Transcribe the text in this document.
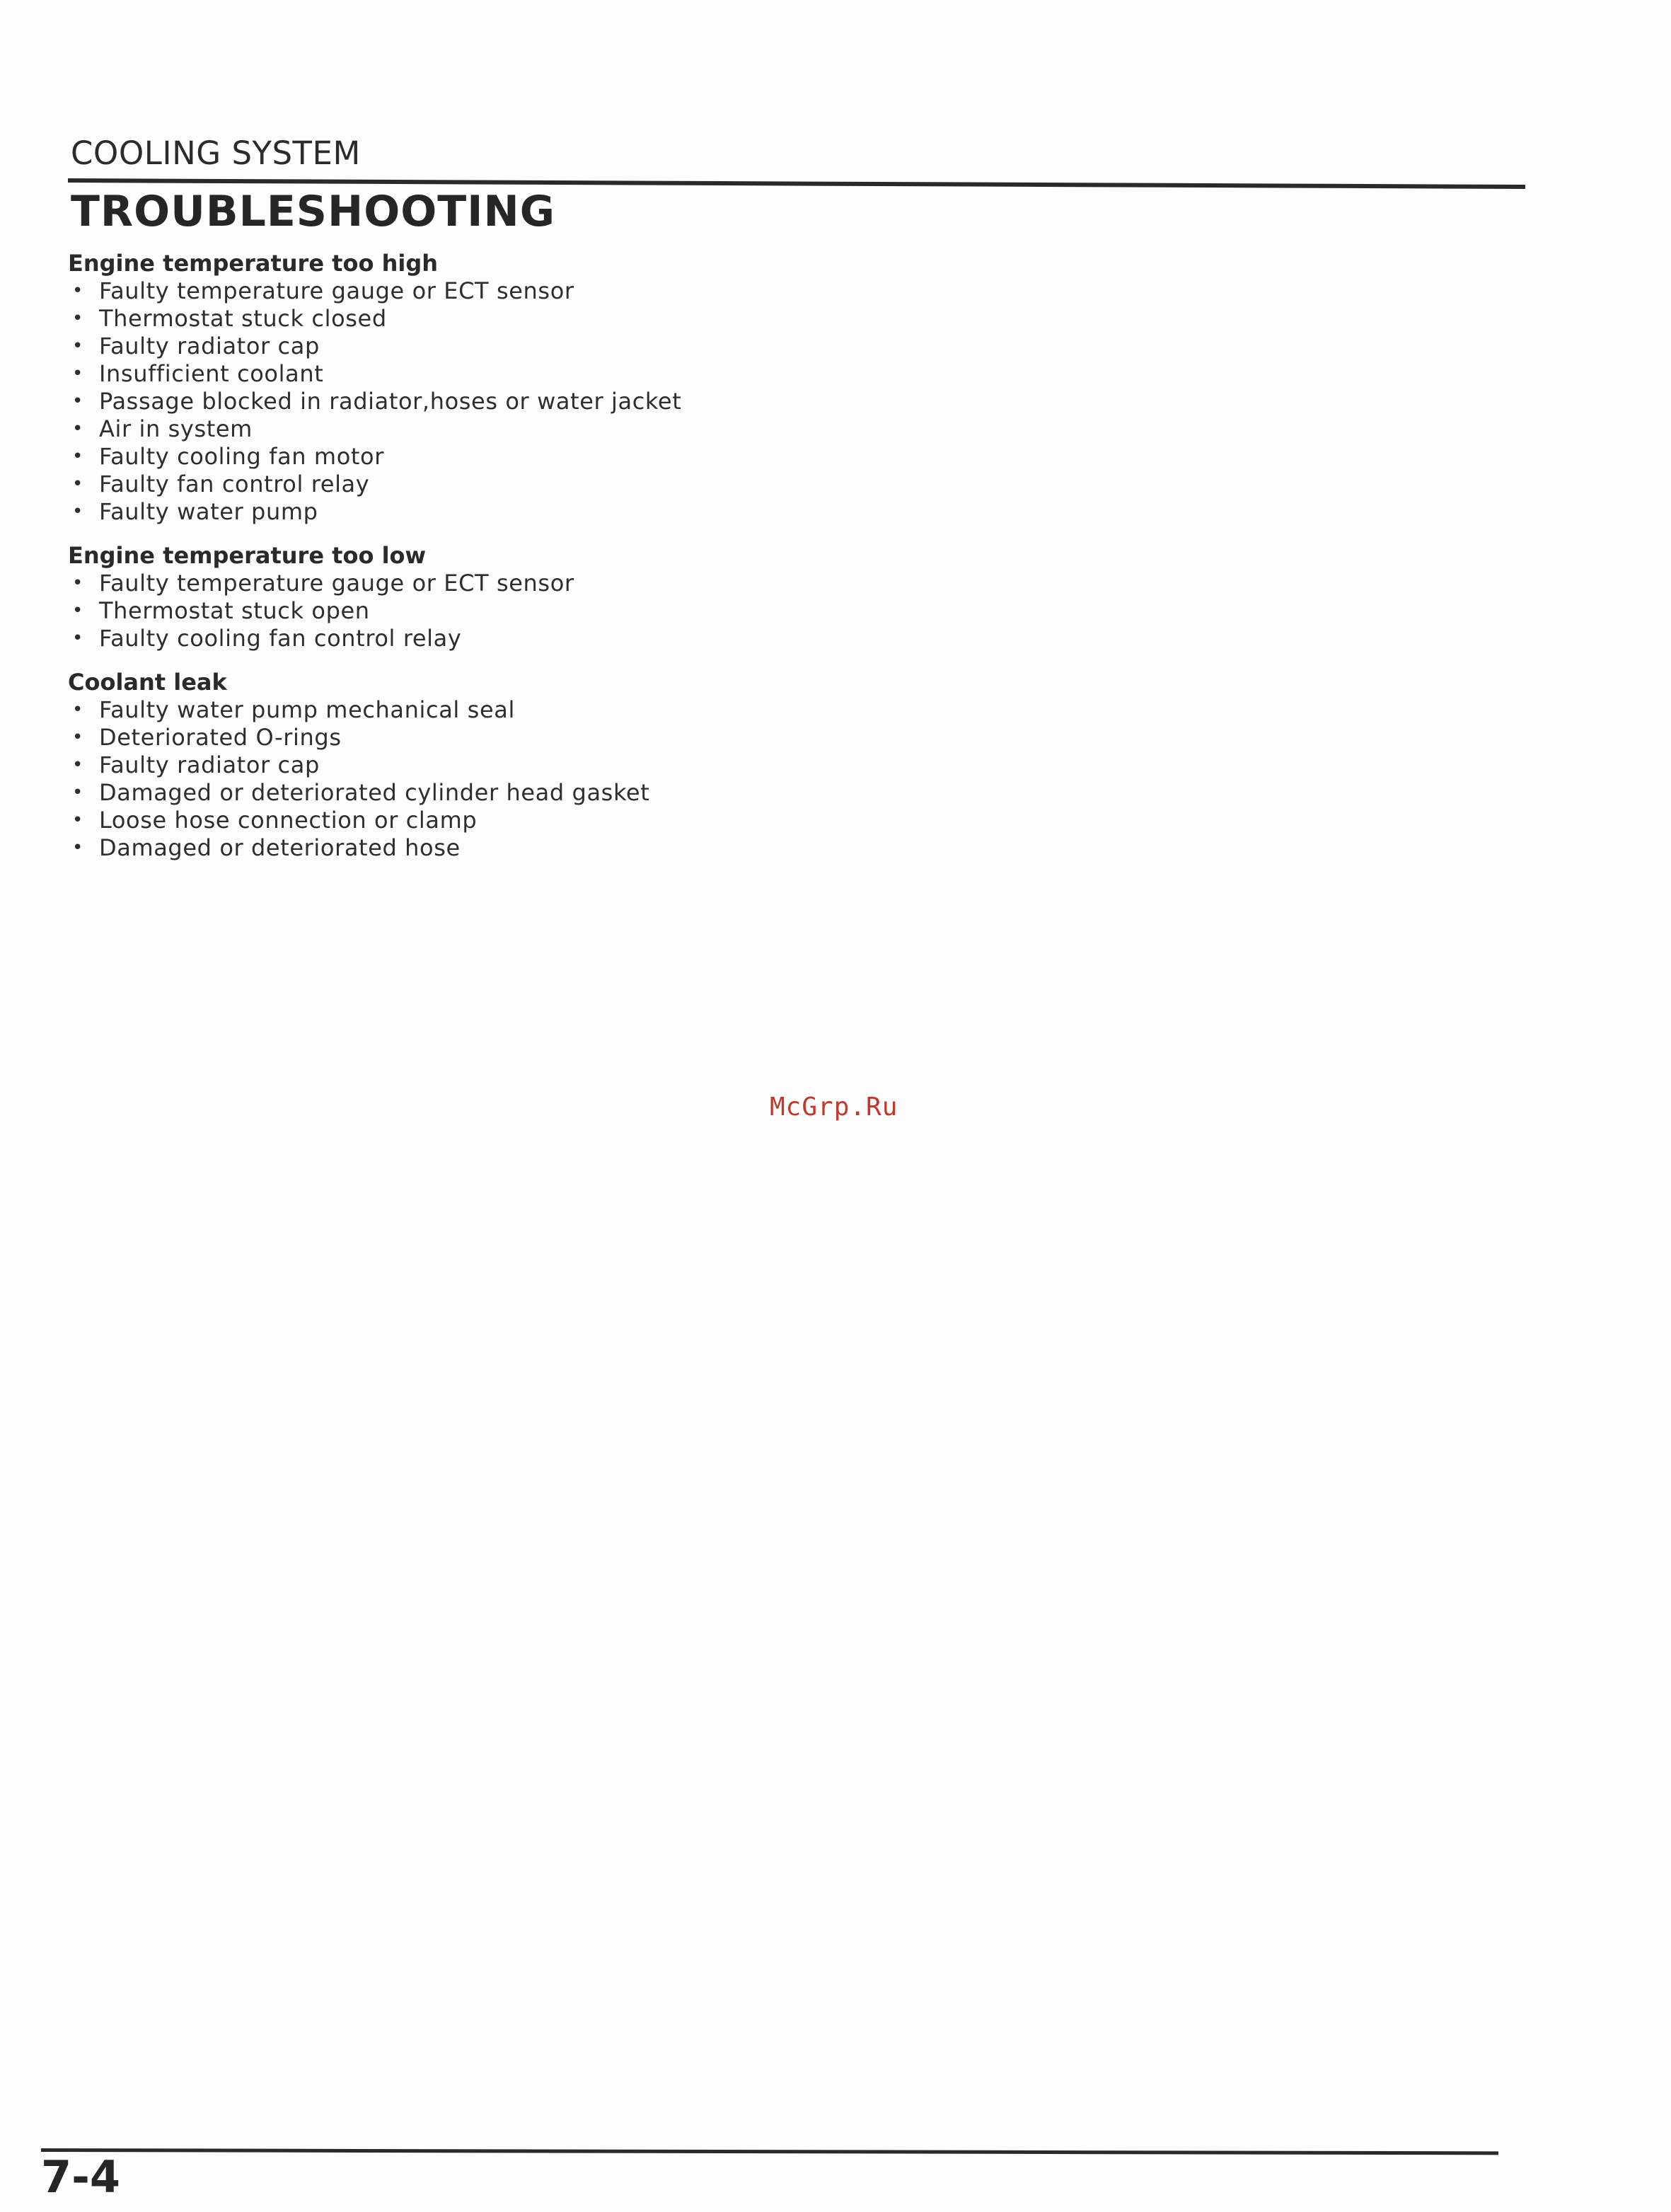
COOLING SYSTEM
TROUBLESHOOTING
Engine temperature too high
• Faulty temperature gauge or ECT sensor
• Thermostat stuck closed
• Faulty radiator cap
• Insufficient coolant
• Passage blocked in radiator,hoses or water jacket
• Air in system
• Faulty cooling fan motor
• Faulty fan control relay
• Faulty water pump
Engine temperature too low
• Faulty temperature gauge or ECT sensor
• Thermostat stuck open
• Faulty cooling fan control relay
Coolant leak
• Faulty water pump mechanical seal
• Deteriorated O-rings
• Faulty radiator cap
• Damaged or deteriorated cylinder head gasket
• Loose hose connection or clamp
• Damaged or deteriorated hose
McGrp.Ru
7-4
